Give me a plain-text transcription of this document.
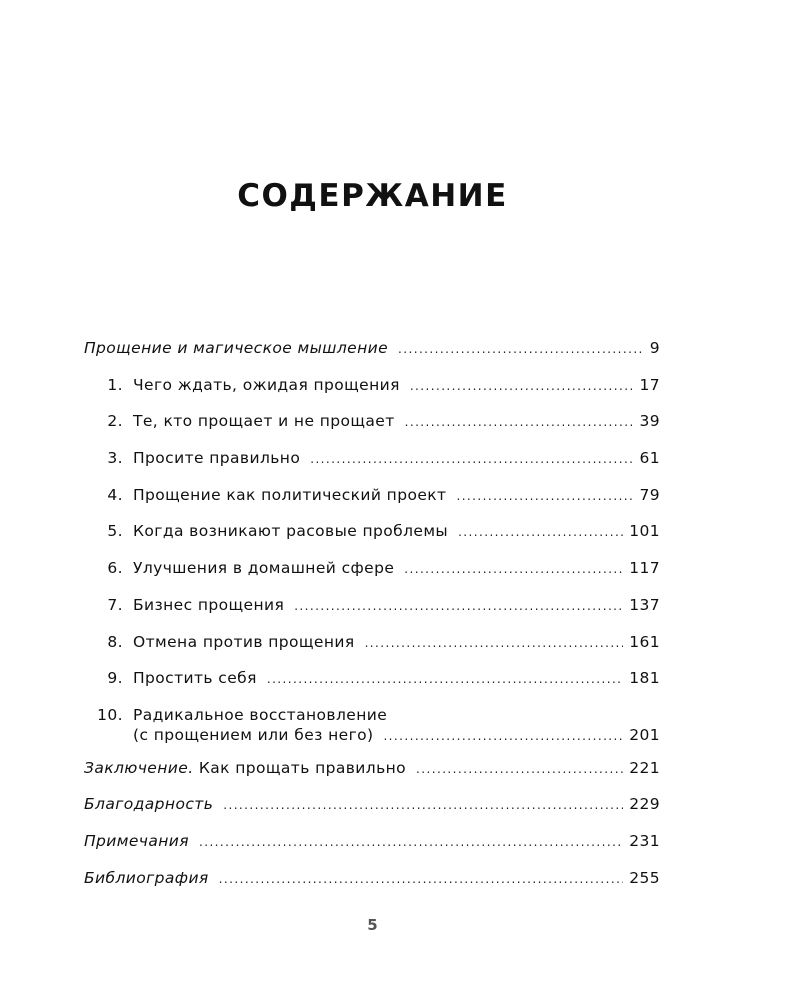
СОДЕРЖАНИЕ
Прощение и магическое мышление . . .	9
1. Чего ждать, ожидая прощения . . .	17
2. Те, кто прощает и не прощает . . .	39
3. Просите правильно . . .	61
4. Прощение как политический проект . . .	79
5. Когда возникают расовые проблемы . . .	101
6. Улучшения в домашней сфере . . .	117
7. Бизнес прощения . . .	137
8. Отмена против прощения . . .	161
9. Простить себя . . .	181
10. Радикальное восстановление
(с прощением или без него) . . .	201
Заключение. Как прощать правильно . . .	221
Благодарность . . .	229
Примечания . . .	231
Библиография . . .	255
5
